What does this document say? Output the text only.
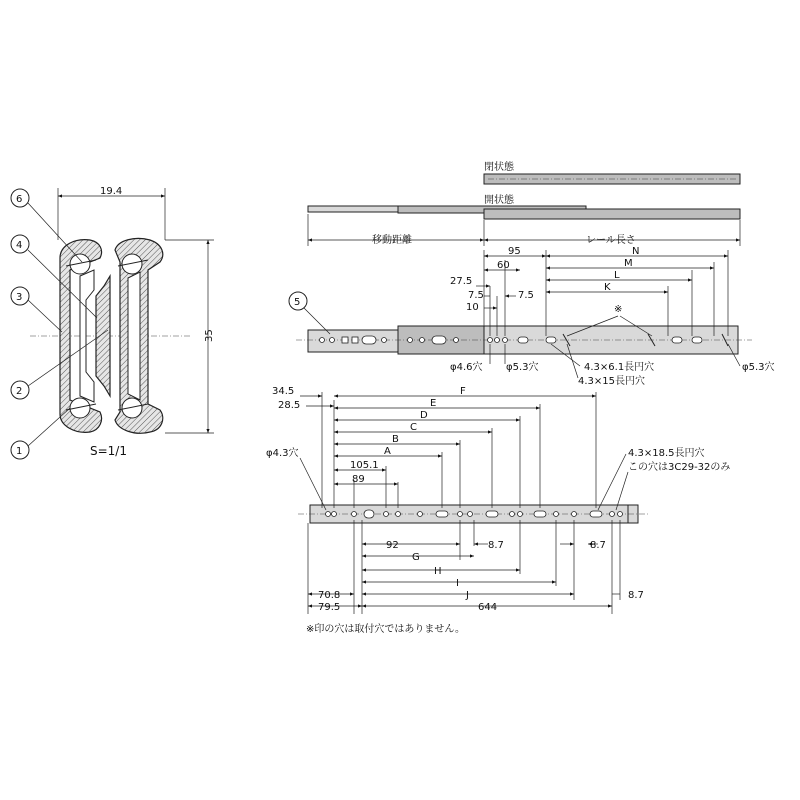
19.4
35
6
4
3
2
1	S=1/1
閉状態
開状態
移動距離	レール長さ
5
95
60
27.5
7.5	7.5
10
N
M
L
K
※
φ4.6穴 φ5.3穴	4.3×6.1長円穴
4.3×15長円穴
φ5.3穴
34.5
28.5
F
E
D
C
B
A
105.1
89
φ4.3穴	4.3×18.5長円穴
この穴は3C29-32のみ
92	8.7
G
8.7
H
I
J
70.8
79.5	644
8.7
※印の穴は取付穴ではありません。
